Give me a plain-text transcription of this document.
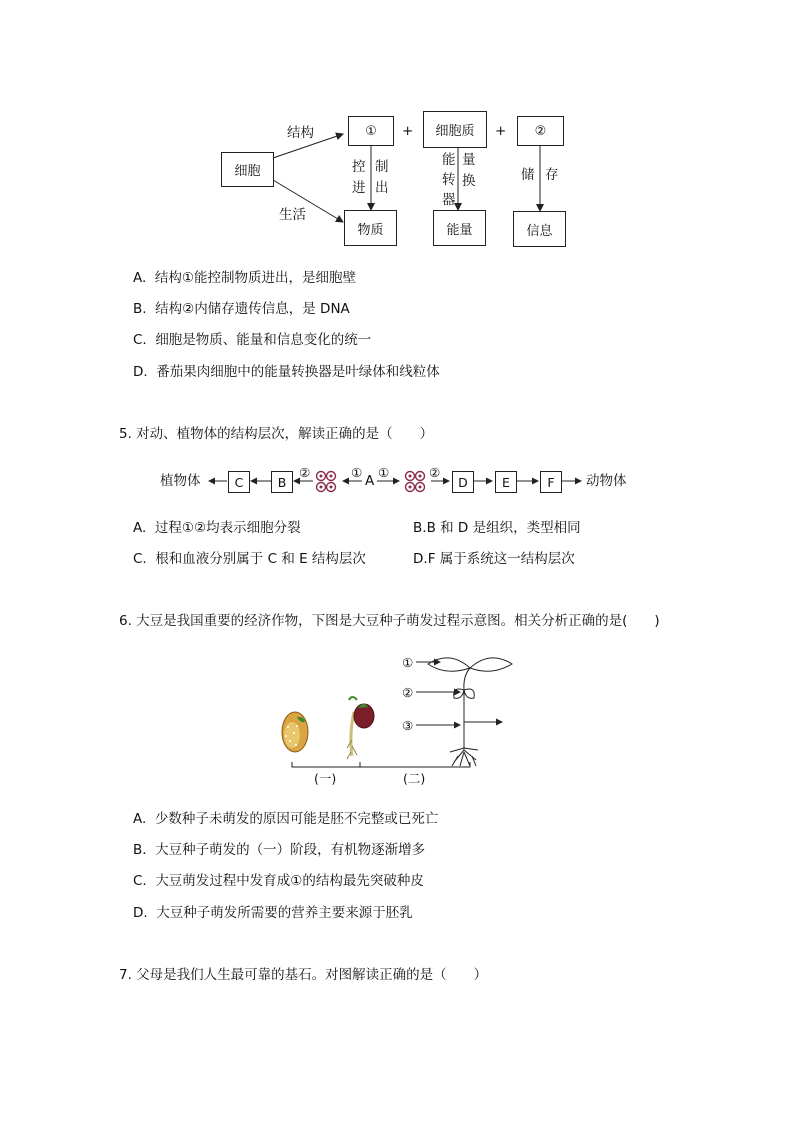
细胞
结构
生活
① + 细胞质 + ②
控
进
制
出
能
转
器
量
换	储 存
物质	能量	信息
A. 结构①能控制物质进出，是细胞壁
B. 结构②内储存遗传信息，是 DNA
C. 细胞是物质、能量和信息变化的统一
D. 番茄果肉细胞中的能量转换器是叶绿体和线粒体
5. 对动、植物体的结构层次，解读正确的是（　　）
植物体	C	B
②	①
A
①	②
D	E	F 动物体
A. 过程①②均表示细胞分裂	B.B 和 D 是组织，类型相同
C. 根和血液分别属于 C 和 E 结构层次	D.F 属于系统这一结构层次
6. 大豆是我国重要的经济作物，下图是大豆种子萌发过程示意图。相关分析正确的是(　　)
①
②
③
(一)	(二)
A. 少数种子未萌发的原因可能是胚不完整或已死亡
B. 大豆种子萌发的（一）阶段，有机物逐渐增多
C. 大豆萌发过程中发育成①的结构最先突破种皮
D. 大豆种子萌发所需要的营养主要来源于胚乳
7. 父母是我们人生最可靠的基石。对图解读正确的是（　　）
